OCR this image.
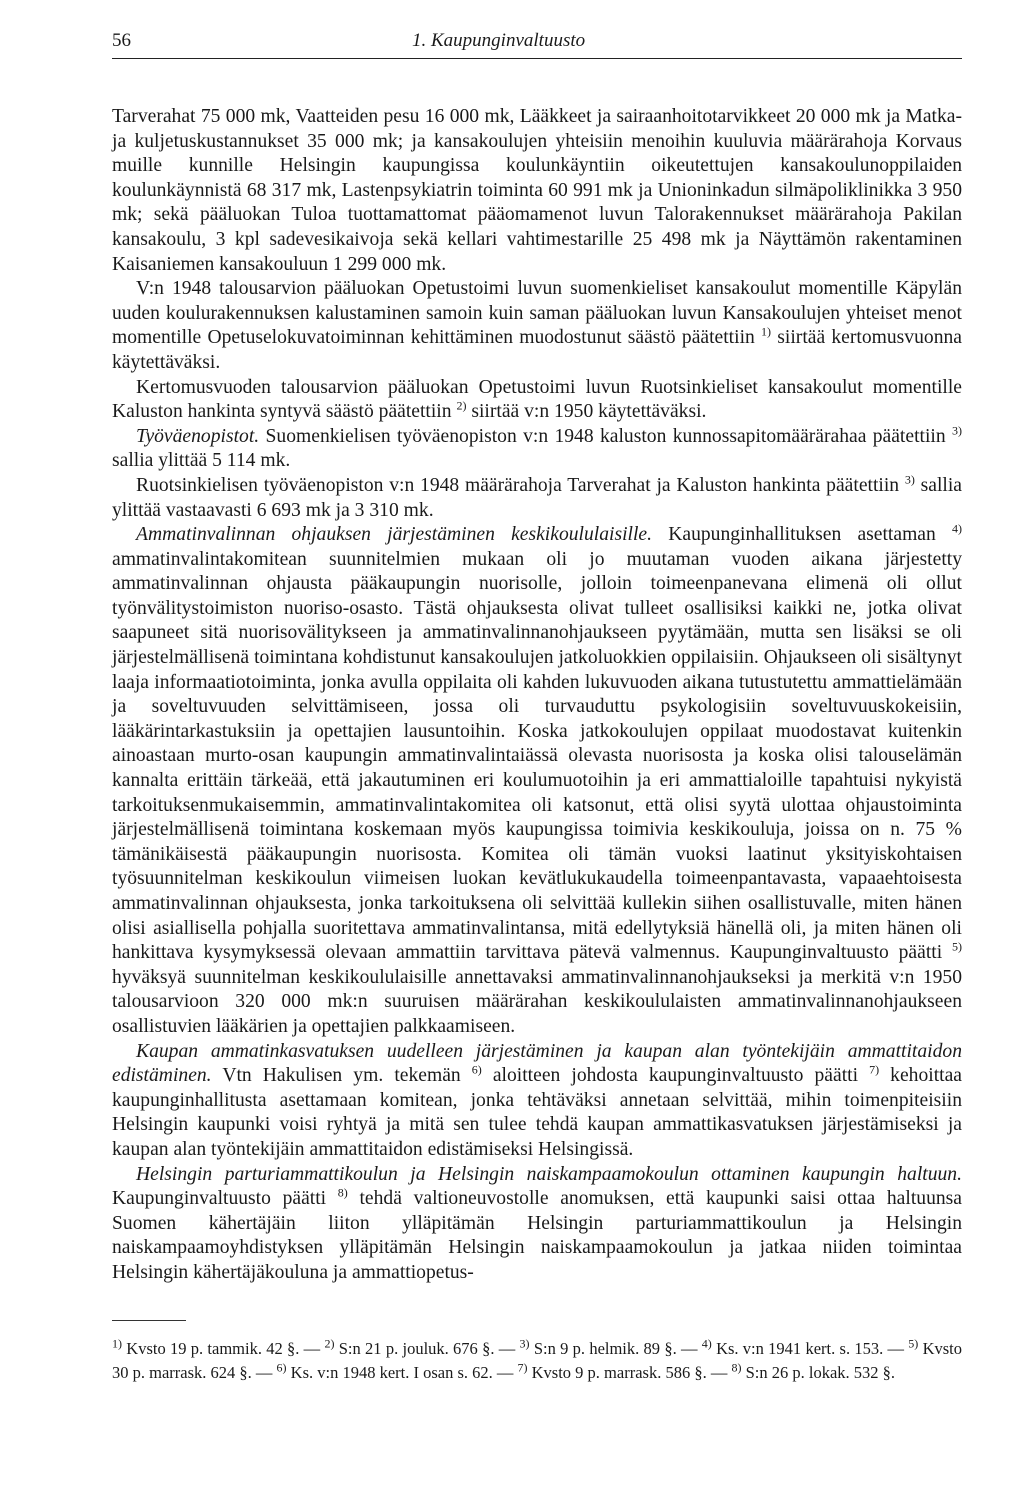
56	1. Kaupunginvaltuusto

Tarverahat 75 000 mk, Vaatteiden pesu 16 000 mk, Lääkkeet ja sairaanhoitotarvikkeet 20 000 mk ja Matka- ja kuljetuskustannukset 35 000 mk; ja kansakoulujen yhteisiin menoihin kuuluvia määrärahoja Korvaus muille kunnille Helsingin kaupungissa koulunkäyntiin oikeutettujen kansakoulunoppilaiden koulunkäynnistä 68 317 mk, Lastenpsykiatrin toiminta 60 991 mk ja Unioninkadun silmäpoliklinikka 3 950 mk; sekä pääluokan Tuloa tuottamattomat pääomamenot luvun Talorakennukset määrärahoja Pakilan kansakoulu, 3 kpl sadevesikaivoja sekä kellari vahtimestarille 25 498 mk ja Näyttämön rakentaminen Kaisaniemen kansakouluun 1 299 000 mk.

V:n 1948 talousarvion pääluokan Opetustoimi luvun suomenkieliset kansakoulut momentille Käpylän uuden koulurakennuksen kalustaminen samoin kuin saman pääluokan luvun Kansakoulujen yhteiset menot momentille Opetuselokuvatoiminnan kehittäminen muodostunut säästö päätettiin $^{1)}$ siirtää kertomusvuonna käytettäväksi.

Kertomusvuoden talousarvion pääluokan Opetustoimi luvun Ruotsinkieliset kansakoulut momentille Kaluston hankinta syntyvä säästö päätettiin $^{2)}$ siirtää v:n 1950 käytettäväksi.

Työväenopistot. Suomenkielisen työväenopiston v:n 1948 kaluston kunnossapitomäärärahaa päätettiin $^{3)}$ sallia ylittää 5 114 mk.

Ruotsinkielisen työväenopiston v:n 1948 määrärahoja Tarverahat ja Kaluston hankinta päätettiin $^{3)}$ sallia ylittää vastaavasti 6 693 mk ja 3 310 mk.

Ammatinvalinnan ohjauksen järjestäminen keskikoululaisille. Kaupunginhallituksen asettaman $^{4)}$ ammatinvalintakomitean suunnitelmien mukaan oli jo muutaman vuoden aikana järjestetty ammatinvalinnan ohjausta pääkaupungin nuorisolle, jolloin toimeenpanevana elimenä oli ollut työnvälitystoimiston nuoriso-osasto. Tästä ohjauksesta olivat tulleet osallisiksi kaikki ne, jotka olivat saapuneet sitä nuorisovälitykseen ja ammatinvalinnanohjaukseen pyytämään, mutta sen lisäksi se oli järjestelmällisenä toimintana kohdistunut kansakoulujen jatkoluokkien oppilaisiin. Ohjaukseen oli sisältynyt laaja informaatiotoiminta, jonka avulla oppilaita oli kahden lukuvuoden aikana tutustutettu ammattielämään ja soveltuvuuden selvittämiseen, jossa oli turvauduttu psykologisiin soveltuvuuskokeisiin, lääkärintarkastuksiin ja opettajien lausuntoihin. Koska jatkokoulujen oppilaat muodostavat kuitenkin ainoastaan murto-osan kaupungin ammatinvalintaiässä olevasta nuorisosta ja koska olisi talouselämän kannalta erittäin tärkeää, että jakautuminen eri koulumuotoihin ja eri ammattialoille tapahtuisi nykyistä tarkoituksenmukaisemmin, ammatinvalintakomitea oli katsonut, että olisi syytä ulottaa ohjaustoiminta järjestelmällisenä toimintana koskemaan myös kaupungissa toimivia keskikouluja, joissa on n. 75 % tämänikäisestä pääkaupungin nuorisosta. Komitea oli tämän vuoksi laatinut yksityiskohtaisen työsuunnitelman keskikoulun viimeisen luokan kevätlukukaudella toimeenpantavasta, vapaaehtoisesta ammatinvalinnan ohjauksesta, jonka tarkoituksena oli selvittää kullekin siihen osallistuvalle, miten hänen olisi asiallisella pohjalla suoritettava ammatinvalintansa, mitä edellytyksiä hänellä oli, ja miten hänen oli hankittava kysymyksessä olevaan ammattiin tarvittava pätevä valmennus. Kaupunginvaltuusto päätti $^{5)}$ hyväksyä suunnitelman keskikoululaisille annettavaksi ammatinvalinnanohjaukseksi ja merkitä v:n 1950 talousarvioon 320 000 mk:n suuruisen määrärahan keskikoululaisten ammatinvalinnanohjaukseen osallistuvien lääkärien ja opettajien palkkaamiseen.

Kaupan ammatinkasvatuksen uudelleen järjestäminen ja kaupan alan työntekijäin ammattitaidon edistäminen. Vtn Hakulisen ym. tekemän $^{6)}$ aloitteen johdosta kaupunginvaltuusto päätti $^{7)}$ kehoittaa kaupunginhallitusta asettamaan komitean, jonka tehtäväksi annetaan selvittää, mihin toimenpiteisiin Helsingin kaupunki voisi ryhtyä ja mitä sen tulee tehdä kaupan ammattikasvatuksen järjestämiseksi ja kaupan alan työntekijäin ammattitaidon edistämiseksi Helsingissä.

Helsingin parturiammattikoulun ja Helsingin naiskampaamokoulun ottaminen kaupungin haltuun. Kaupunginvaltuusto päätti $^{8)}$ tehdä valtioneuvostolle anomuksen, että kaupunki saisi ottaa haltuunsa Suomen kähertäjäin liiton ylläpitämän Helsingin parturiammattikoulun ja Helsingin naiskampaamoyhdistyksen ylläpitämän Helsingin naiskampaamokoulun ja jatkaa niiden toimintaa Helsingin kähertäjäkouluna ja ammattiopetus-

$^{1)}$ Kvsto 19 p. tammik. 42 §. — $^{2)}$ S:n 21 p. jouluk. 676 §. — $^{3)}$ S:n 9 p. helmik. 89 §. — $^{4)}$ Ks. v:n 1941 kert. s. 153. — $^{5)}$ Kvsto 30 p. marrask. 624 §. — $^{6)}$ Ks. v:n 1948 kert. I osan s. 62. — $^{7)}$ Kvsto 9 p. marrask. 586 §. — $^{8)}$ S:n 26 p. lokak. 532 §.
